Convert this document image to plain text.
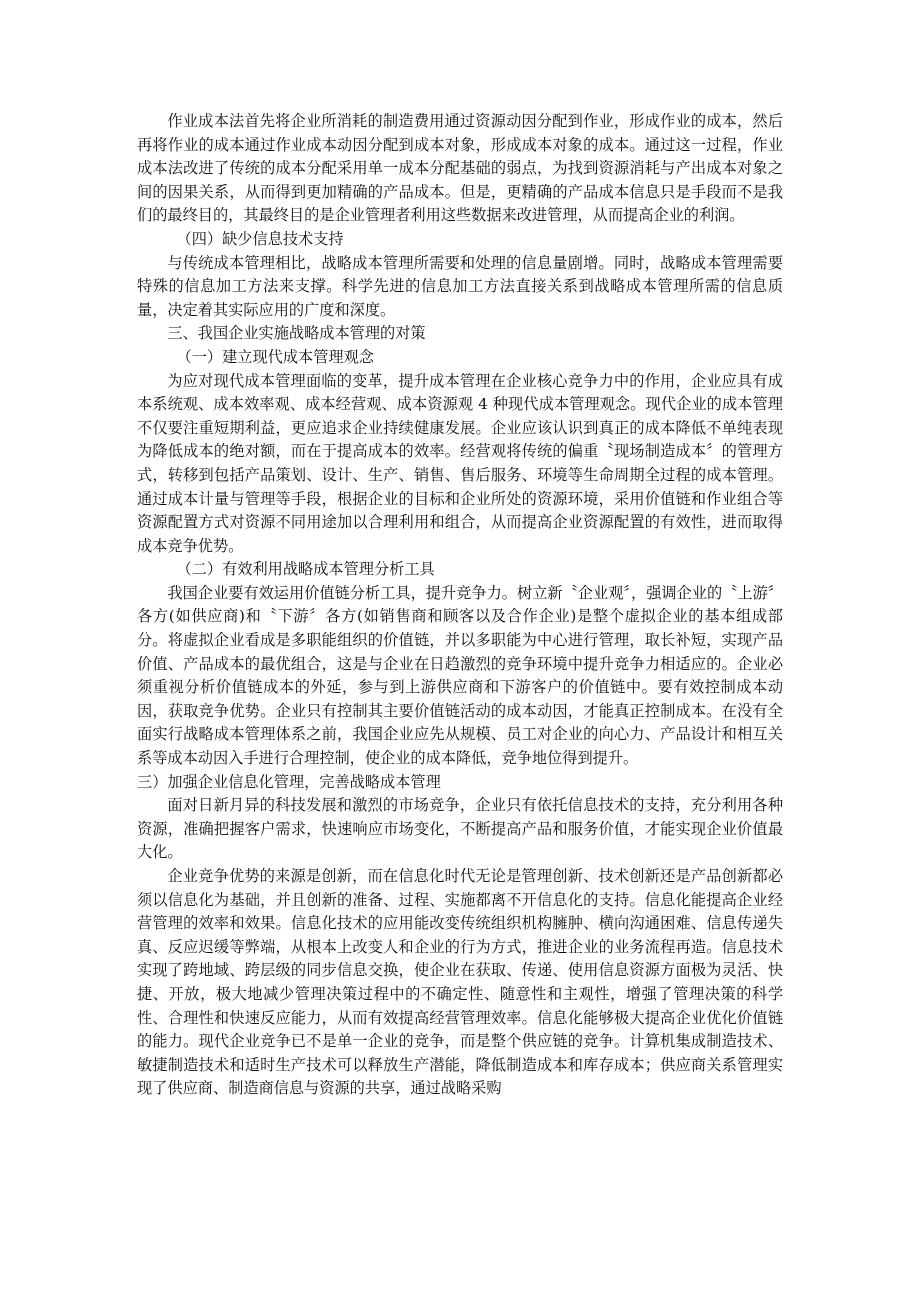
作业成本法首先将企业所消耗的制造费用通过资源动因分配到作业，形成作业的成本，然后再将作业的成本通过作业成本动因分配到成本对象，形成成本对象的成本。通过这一过程，作业成本法改进了传统的成本分配采用单一成本分配基础的弱点，为找到资源消耗与产出成本对象之间的因果关系，从而得到更加精确的产品成本。但是，更精确的产品成本信息只是手段而不是我们的最终目的，其最终目的是企业管理者利用这些数据来改进管理，从而提高企业的利润。

（四）缺少信息技术支持

与传统成本管理相比，战略成本管理所需要和处理的信息量剧增。同时，战略成本管理需要特殊的信息加工方法来支撑。科学先进的信息加工方法直接关系到战略成本管理所需的信息质量，决定着其实际应用的广度和深度。

三、我国企业实施战略成本管理的对策

（一）建立现代成本管理观念

为应对现代成本管理面临的变革，提升成本管理在企业核心竞争力中的作用，企业应具有成本系统观、成本效率观、成本经营观、成本资源观 4 种现代成本管理观念。现代企业的成本管理不仅要注重短期利益，更应追求企业持续健康发展。企业应该认识到真正的成本降低不单纯表现为降低成本的绝对额，而在于提高成本的效率。经营观将传统的偏重〝现场制造成本〞的管理方式，转移到包括产品策划、设计、生产、销售、售后服务、环境等生命周期全过程的成本管理。通过成本计量与管理等手段，根据企业的目标和企业所处的资源环境，采用价值链和作业组合等资源配置方式对资源不同用途加以合理利用和组合，从而提高企业资源配置的有效性，进而取得成本竞争优势。

（二）有效利用战略成本管理分析工具

我国企业要有效运用价值链分析工具，提升竞争力。树立新〝企业观〞，强调企业的〝上游〞各方(如供应商)和〝下游〞各方(如销售商和顾客以及合作企业)是整个虚拟企业的基本组成部分。将虚拟企业看成是多职能组织的价值链，并以多职能为中心进行管理，取长补短，实现产品价值、产品成本的最优组合，这是与企业在日趋激烈的竞争环境中提升竞争力相适应的。企业必须重视分析价值链成本的外延，参与到上游供应商和下游客户的价值链中。要有效控制成本动因，获取竞争优势。企业只有控制其主要价值链活动的成本动因，才能真正控制成本。在没有全面实行战略成本管理体系之前，我国企业应先从规模、员工对企业的向心力、产品设计和相互关系等成本动因入手进行合理控制，使企业的成本降低，竞争地位得到提升。

三）加强企业信息化管理，完善战略成本管理

面对日新月异的科技发展和激烈的市场竞争，企业只有依托信息技术的支持，充分利用各种资源，准确把握客户需求，快速响应市场变化，不断提高产品和服务价值，才能实现企业价值最大化。

企业竞争优势的来源是创新，而在信息化时代无论是管理创新、技术创新还是产品创新都必须以信息化为基础，并且创新的准备、过程、实施都离不开信息化的支持。信息化能提高企业经营管理的效率和效果。信息化技术的应用能改变传统组织机构臃肿、横向沟通困难、信息传递失真、反应迟缓等弊端，从根本上改变人和企业的行为方式，推进企业的业务流程再造。信息技术实现了跨地域、跨层级的同步信息交换，使企业在获取、传递、使用信息资源方面极为灵活、快捷、开放，极大地减少管理决策过程中的不确定性、随意性和主观性，增强了管理决策的科学性、合理性和快速反应能力，从而有效提高经营管理效率。信息化能够极大提高企业优化价值链的能力。现代企业竞争已不是单一企业的竞争，而是整个供应链的竞争。计算机集成制造技术、敏捷制造技术和适时生产技术可以释放生产潜能，降低制造成本和库存成本；供应商关系管理实现了供应商、制造商信息与资源的共享，通过战略采购
